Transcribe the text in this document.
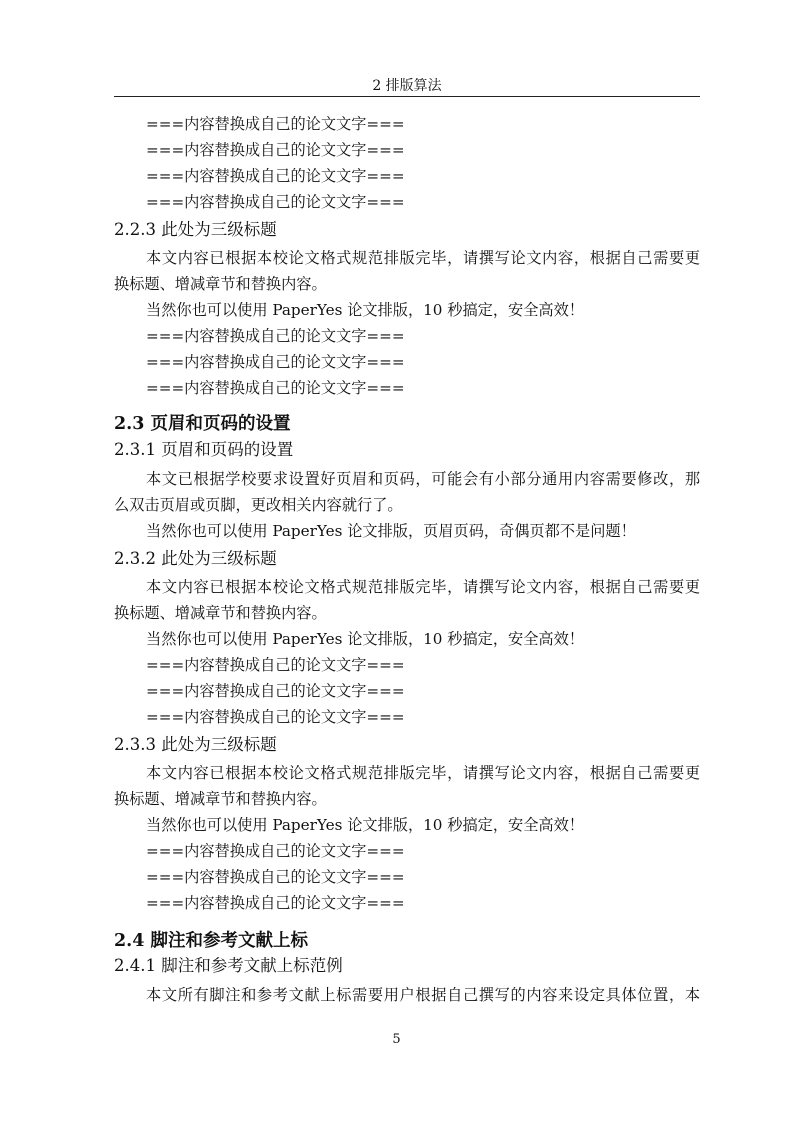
2 排版算法
===内容替换成自己的论文文字===
===内容替换成自己的论文文字===
===内容替换成自己的论文文字===
===内容替换成自己的论文文字===
2.2.3 此处为三级标题
本文内容已根据本校论文格式规范排版完毕，请撰写论文内容，根据自己需要更
换标题、增减章节和替换内容。
当然你也可以使用 PaperYes 论文排版，10 秒搞定，安全高效！
===内容替换成自己的论文文字===
===内容替换成自己的论文文字===
===内容替换成自己的论文文字===
2.3 页眉和页码的设置
2.3.1 页眉和页码的设置
本文已根据学校要求设置好页眉和页码，可能会有小部分通用内容需要修改，那
么双击页眉或页脚，更改相关内容就行了。
当然你也可以使用 PaperYes 论文排版，页眉页码，奇偶页都不是问题！
2.3.2 此处为三级标题
本文内容已根据本校论文格式规范排版完毕，请撰写论文内容，根据自己需要更
换标题、增减章节和替换内容。
当然你也可以使用 PaperYes 论文排版，10 秒搞定，安全高效！
===内容替换成自己的论文文字===
===内容替换成自己的论文文字===
===内容替换成自己的论文文字===
2.3.3 此处为三级标题
本文内容已根据本校论文格式规范排版完毕，请撰写论文内容，根据自己需要更
换标题、增减章节和替换内容。
当然你也可以使用 PaperYes 论文排版，10 秒搞定，安全高效！
===内容替换成自己的论文文字===
===内容替换成自己的论文文字===
===内容替换成自己的论文文字===
2.4 脚注和参考文献上标
2.4.1 脚注和参考文献上标范例
本文所有脚注和参考文献上标需要用户根据自己撰写的内容来设定具体位置，本
5
